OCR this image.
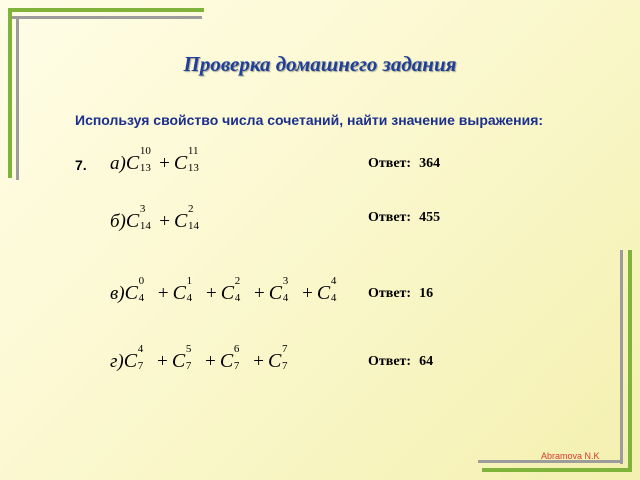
Проверка домашнего задания
Используя свойство числа сочетаний, найти значение выражения:
7. а)C
10
13 + C
11
13	Ответ: 364
б)C
3
14 + C
2
14
Ответ: 455
в)C
0
4 + C
1
4 + C
2
4 + C
3
4 + C
4
4 Ответ: 16
г)C
4
7 + C
5
7 + C
6
7 + C
7
7	Ответ: 64
Abramova N.K
